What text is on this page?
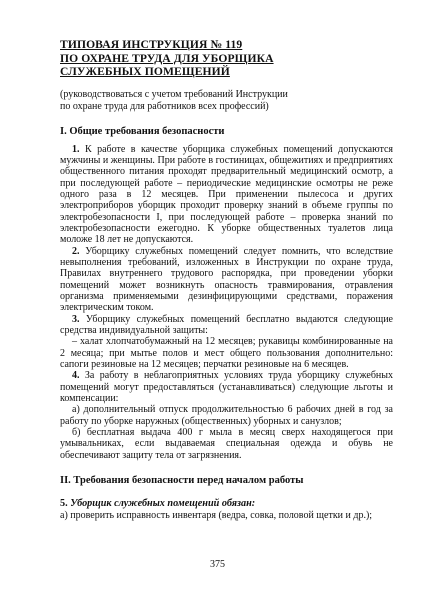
ТИПОВАЯ ИНСТРУКЦИЯ № 119
ПО ОХРАНЕ ТРУДА ДЛЯ УБОРЩИКА
СЛУЖЕБНЫХ ПОМЕЩЕНИЙ

(руководствоваться с учетом требований Инструкции
по охране труда для работников всех профессий)

I. Общие требования безопасности

1. К работе в качестве уборщика служебных помещений допускаются мужчины и женщины. При работе в гостиницах, общежитиях и предприятиях общественного питания проходят предварительный медицинский осмотр, а при последующей работе – периодические медицинские осмотры не реже одного раза в 12 месяцев. При применении пылесоса и других электроприборов уборщик проходит проверку знаний в объеме группы по электробезопасности I, при последующей работе – проверка знаний по электробезопасности ежегодно. К уборке общественных туалетов лица моложе 18 лет не допускаются.

2. Уборщику служебных помещений следует помнить, что вследствие невыполнения требований, изложенных в Инструкции по охране труда, Правилах внутреннего трудового распорядка, при проведении уборки помещений может возникнуть опасность травмирования, отравления организма применяемыми дезинфицирующими средствами, поражения электрическим током.

3. Уборщику служебных помещений бесплатно выдаются следующие средства индивидуальной защиты:

– халат хлопчатобумажный на 12 месяцев; рукавицы комбинированные на 2 месяца; при мытье полов и мест общего пользования дополнительно: сапоги резиновые на 12 месяцев; перчатки резиновые на 6 месяцев.

4. За работу в неблагоприятных условиях труда уборщику служебных помещений могут предоставляться (устанавливаться) следующие льготы и компенсации:

а) дополнительный отпуск продолжительностью 6 рабочих дней в год за работу по уборке наружных (общественных) уборных и санузлов;

б) бесплатная выдача 400 г мыла в месяц сверх находящегося при умывальниках, если выдаваемая специальная одежда и обувь не обеспечивают защиту тела от загрязнения.

II. Требования безопасности перед началом работы

5. Уборщик служебных помещений обязан:

а) проверить исправность инвентаря (ведра, совка, половой щетки и др.);

375
